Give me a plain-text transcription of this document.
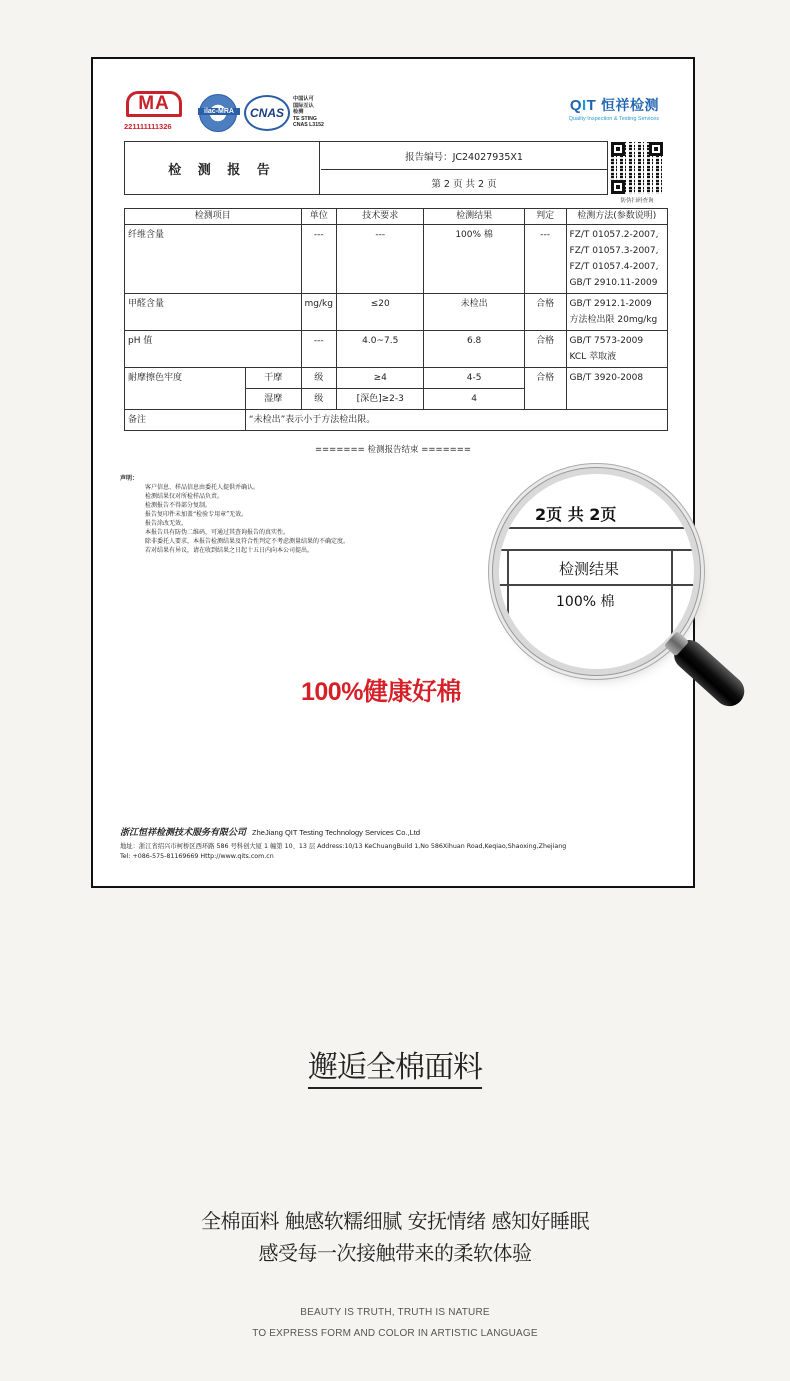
MA
221111111326
ilac-MRA	CNAS
中国认可
国际互认
检测
TE STING
CNAS L3152
QIT 恒祥检测
Quality Inspection & Testing Services
检 测 报 告
报告编号：JC24027935X1
第 2 页 共 2 页
防伪扫码查询
检测项目		单位	技术要求	检测结果	判定	检测方法(参数说明)
纤维含量		---	---	100% 棉	---	FZ/T 01057.2-2007,
FZ/T 01057.3-2007,
FZ/T 01057.4-2007,
GB/T 2910.11-2009
甲醛含量		mg/kg	≤20	未检出	合格	GB/T 2912.1-2009
方法检出限 20mg/kg
pH 值		---	4.0~7.5	6.8	合格	GB/T 7573-2009
KCL 萃取液
耐摩擦色牢度	干摩	级	≥4	4-5	合格	GB/T 3920-2008
	湿摩	级	[深色]≥2-3	4		
备注	“未检出”表示小于方法检出限。					
======= 检测报告结束 =======
声明：
客户信息、样品信息由委托人提供并确认。
检测结果仅对所检样品负责。
检测报告不得部分复制。
报告复印件未加盖“检验专用章”无效。
报告涂改无效。
本报告具有防伪二维码，可通过其查询报告的真实性。
除非委托人要求，本报告检测结果及符合性判定不考虑测量结果的不确定度。
若对结果有异议，请在收到结果之日起十五日内向本公司提出。
100%健康好棉
浙江恒祥检测技术服务有限公司 ZheJiang QIT Testing Technology Services Co.,Ltd
地址：浙江省绍兴市柯桥区西环路 586 号科创大厦 1 幢第 10、13 层 Address:10/13 KeChuangBuild 1,No 586Xihuan Road,Keqiao,Shaoxing,Zhejiang
Tel: +086-575-81169669 Http://www.qits.com.cn
2页 共 2页
检测结果
100% 棉
邂逅全棉面料
全棉面料 触感软糯细腻 安抚情绪 感知好睡眠
感受每一次接触带来的柔软体验
BEAUTY IS TRUTH, TRUTH IS NATURE
TO EXPRESS FORM AND COLOR IN ARTISTIC LANGUAGE
